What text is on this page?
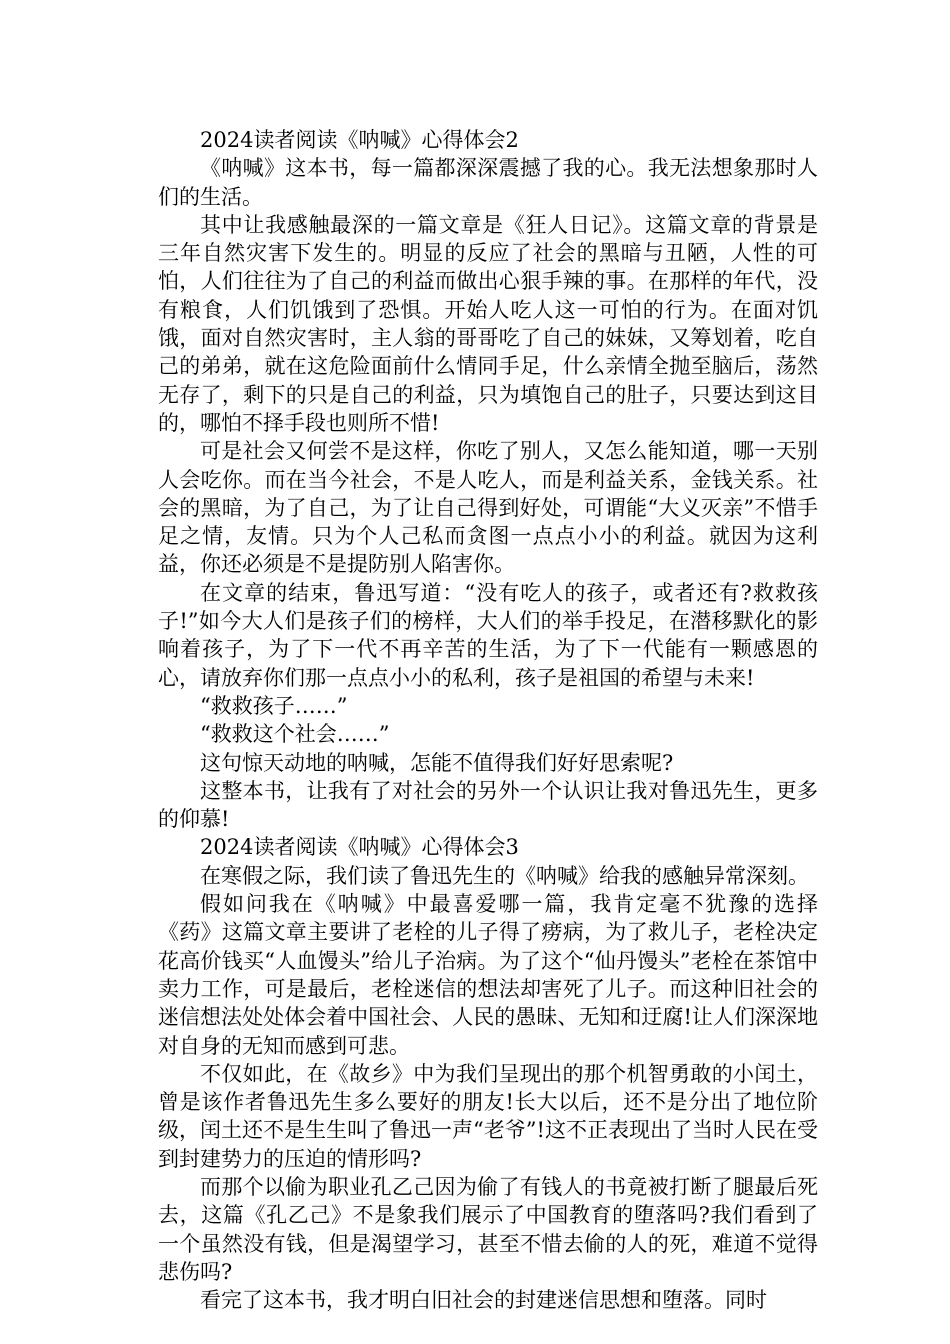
2024读者阅读《呐喊》心得体会2

《呐喊》这本书，每一篇都深深震撼了我的心。我无法想象那时人们的生活。

其中让我感触最深的一篇文章是《狂人日记》。这篇文章的背景是三年自然灾害下发生的。明显的反应了社会的黑暗与丑陋，人性的可怕，人们往往为了自己的利益而做出心狠手辣的事。在那样的年代，没有粮食，人们饥饿到了恐惧。开始人吃人这一可怕的行为。在面对饥饿，面对自然灾害时，主人翁的哥哥吃了自己的妹妹，又筹划着，吃自己的弟弟，就在这危险面前什么情同手足，什么亲情全抛至脑后，荡然无存了，剩下的只是自己的利益，只为填饱自己的肚子，只要达到这目的，哪怕不择手段也则所不惜!

可是社会又何尝不是这样，你吃了别人，又怎么能知道，哪一天别人会吃你。而在当今社会，不是人吃人，而是利益关系，金钱关系。社会的黑暗，为了自己，为了让自己得到好处，可谓能“大义灭亲”不惜手足之情，友情。只为个人己私而贪图一点点小小的利益。就因为这利益，你还必须是不是提防别人陷害你。

在文章的结束，鲁迅写道：“没有吃人的孩子，或者还有?救救孩子!”如今大人们是孩子们的榜样，大人们的举手投足，在潜移默化的影响着孩子，为了下一代不再辛苦的生活，为了下一代能有一颗感恩的心，请放弃你们那一点点小小的私利，孩子是祖国的希望与未来!

“救救孩子……”

“救救这个社会……”

这句惊天动地的呐喊，怎能不值得我们好好思索呢?

这整本书，让我有了对社会的另外一个认识让我对鲁迅先生，更多的仰慕!

2024读者阅读《呐喊》心得体会3

在寒假之际，我们读了鲁迅先生的《呐喊》给我的感触异常深刻。

假如问我在《呐喊》中最喜爱哪一篇，我肯定毫不犹豫的选择《药》这篇文章主要讲了老栓的儿子得了痨病，为了救儿子，老栓决定花高价钱买“人血馒头”给儿子治病。为了这个“仙丹馒头”老栓在茶馆中卖力工作，可是最后，老栓迷信的想法却害死了儿子。而这种旧社会的迷信想法处处体会着中国社会、人民的愚昧、无知和迂腐!让人们深深地对自身的无知而感到可悲。

不仅如此，在《故乡》中为我们呈现出的那个机智勇敢的小闰土，曾是该作者鲁迅先生多么要好的朋友!长大以后，还不是分出了地位阶级，闰土还不是生生叫了鲁迅一声“老爷”!这不正表现出了当时人民在受到封建势力的压迫的情形吗?

而那个以偷为职业孔乙己因为偷了有钱人的书竟被打断了腿最后死去，这篇《孔乙己》不是象我们展示了中国教育的堕落吗?我们看到了一个虽然没有钱，但是渴望学习，甚至不惜去偷的人的死，难道不觉得悲伤吗?

看完了这本书，我才明白旧社会的封建迷信思想和堕落。同时
